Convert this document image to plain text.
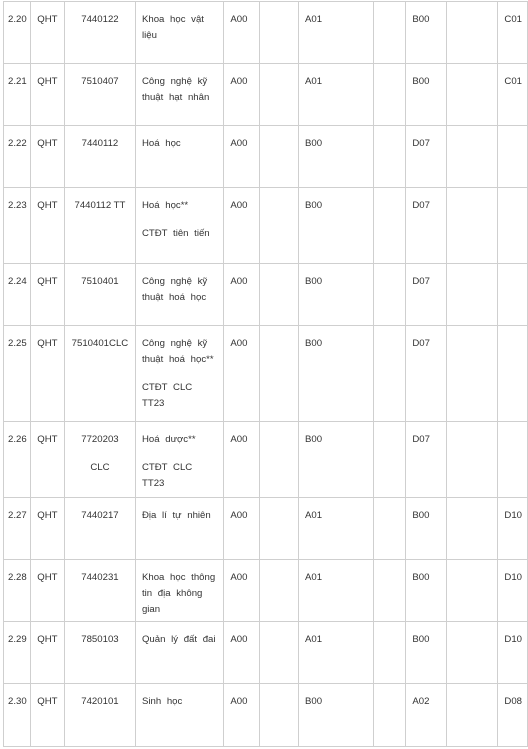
2.20	QHT	7440122	Khoa học vật liệu	A00		A01		B00		C01

2.21	QHT	7510407	Công nghệ kỹ thuật hạt nhân	A00		A01		B00		C01

2.22	QHT	7440112	Hoá học	A00		B00		D07		

2.23	QHT	7440112 TT	Hoá học**
CTĐT tiên tiến	A00		B00		D07		

2.24	QHT	7510401	Công nghệ kỹ thuật hoá học	A00		B00		D07		

2.25	QHT	7510401CLC	Công nghệ kỹ thuật hoá học**
CTĐT CLC TT23	A00		B00		D07		

2.26	QHT	7720203
CLC	Hoá dược**
CTĐT CLC TT23	A00		B00		D07		

2.27	QHT	7440217	Địa lí tự nhiên	A00		A01		B00		D10

2.28	QHT	7440231	Khoa học thông tin địa không gian	A00		A01		B00		D10

2.29	QHT	7850103	Quản lý đất đai	A00		A01		B00		D10

2.30	QHT	7420101	Sinh học	A00		B00		A02		D08
